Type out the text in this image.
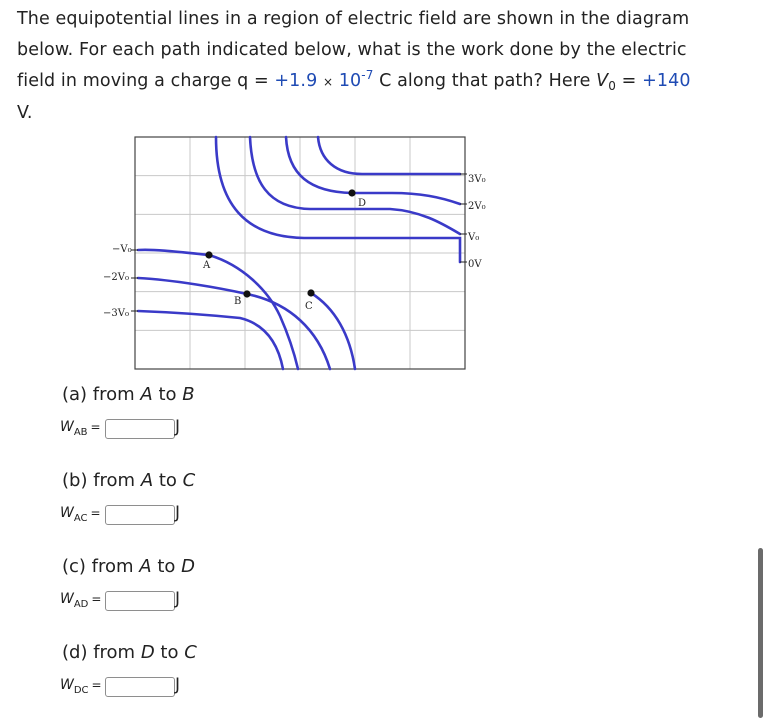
The equipotential lines in a region of electric field are shown in the diagram
below. For each path indicated below, what is the work done by the electric
field in moving a charge $q = +1.9 \times 10^{-7}$ C along that path? Here $V_0 = +140$
V.
A
B	C
D
3V₀
2V₀
V₀
0V
−V₀
−2V₀
−3V₀
(a) from A to B
$W_{AB}$ =	J
(b) from A to C
$W_{AC}$ =	J
(c) from A to D
$W_{AD}$ =	J
(d) from D to C
$W_{DC}$ =	J
